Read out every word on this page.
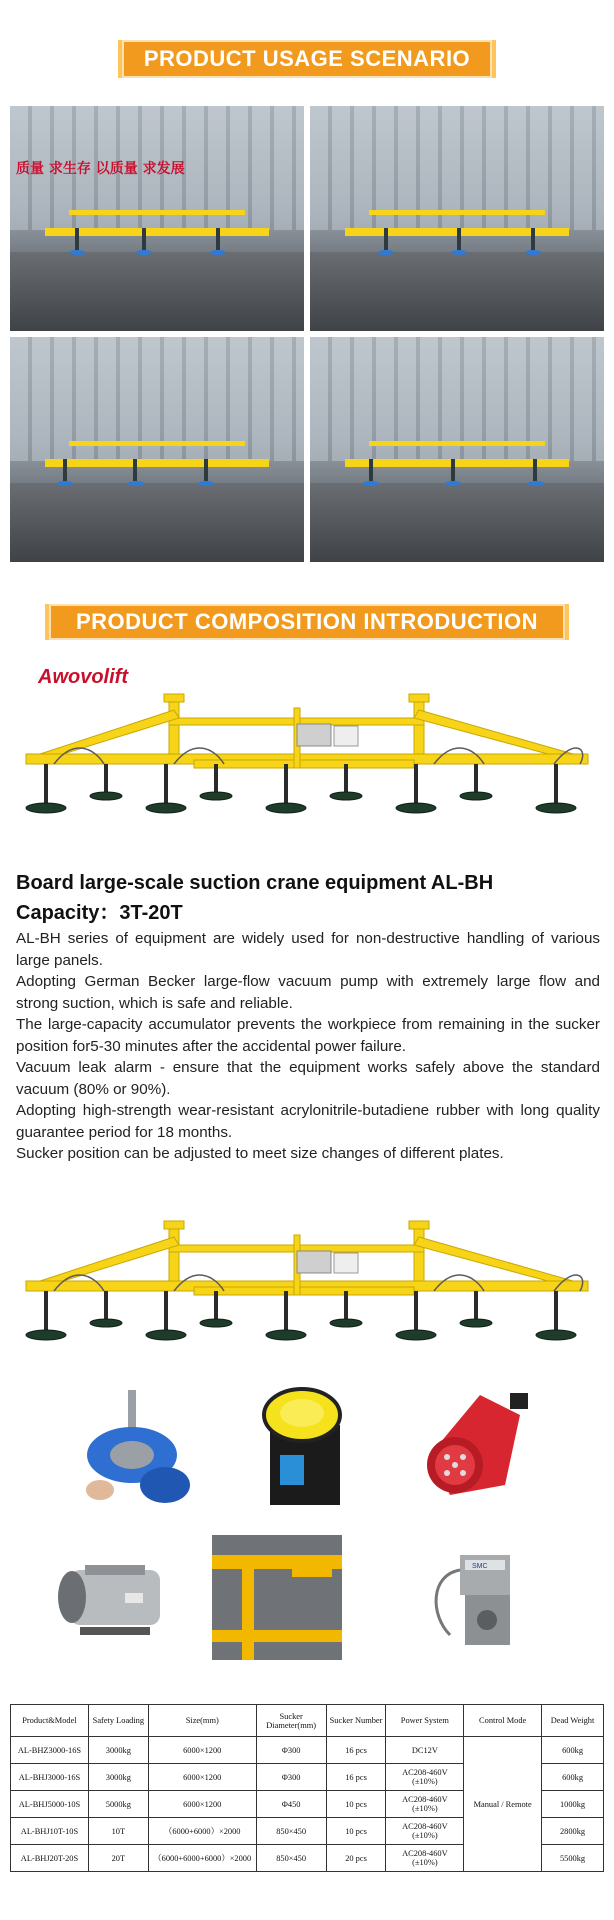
PRODUCT USAGE SCENARIO
质量 求生存 以质量 求发展
PRODUCT COMPOSITION INTRODUCTION
Awovolift
Board large-scale suction crane equipment AL-BH
Capacity：3T-20T

AL-BH series of equipment are widely used for non-destructive handling of various large panels.

Adopting German Becker large-flow vacuum pump with extremely large flow and strong suction, which is safe and reliable.

The large-capacity accumulator prevents the workpiece from remaining in the sucker position for5-30 minutes after the accidental power failure.

Vacuum leak alarm - ensure that the equipment works safely above the standard vacuum (80% or 90%).

Adopting high-strength wear-resistant acrylonitrile-butadiene rubber with long quality guarantee period for 18 months.

Sucker position can be adjusted to meet size changes of different plates.

SMC
Product&Model	Safety Loading	Size(mm)	Sucker Diameter(mm)	Sucker Number	Power System	Control Mode	Dead Weight
AL-BHZ3000-16S	3000kg	6000×1200	Φ300	16 pcs	DC12V	Manual / Remote	600kg
AL-BHJ3000-16S	3000kg	6000×1200	Φ300	16 pcs	AC208-460V (±10%)		600kg
AL-BHJ5000-10S	5000kg	6000×1200	Φ450	10 pcs	AC208-460V (±10%)		1000kg
AL-BHJ10T-10S	10T	（6000+6000）×2000	850×450	10 pcs	AC208-460V (±10%)		2800kg
AL-BHJ20T-20S	20T	（6000+6000+6000）×2000	850×450	20 pcs	AC208-460V (±10%)		5500kg
